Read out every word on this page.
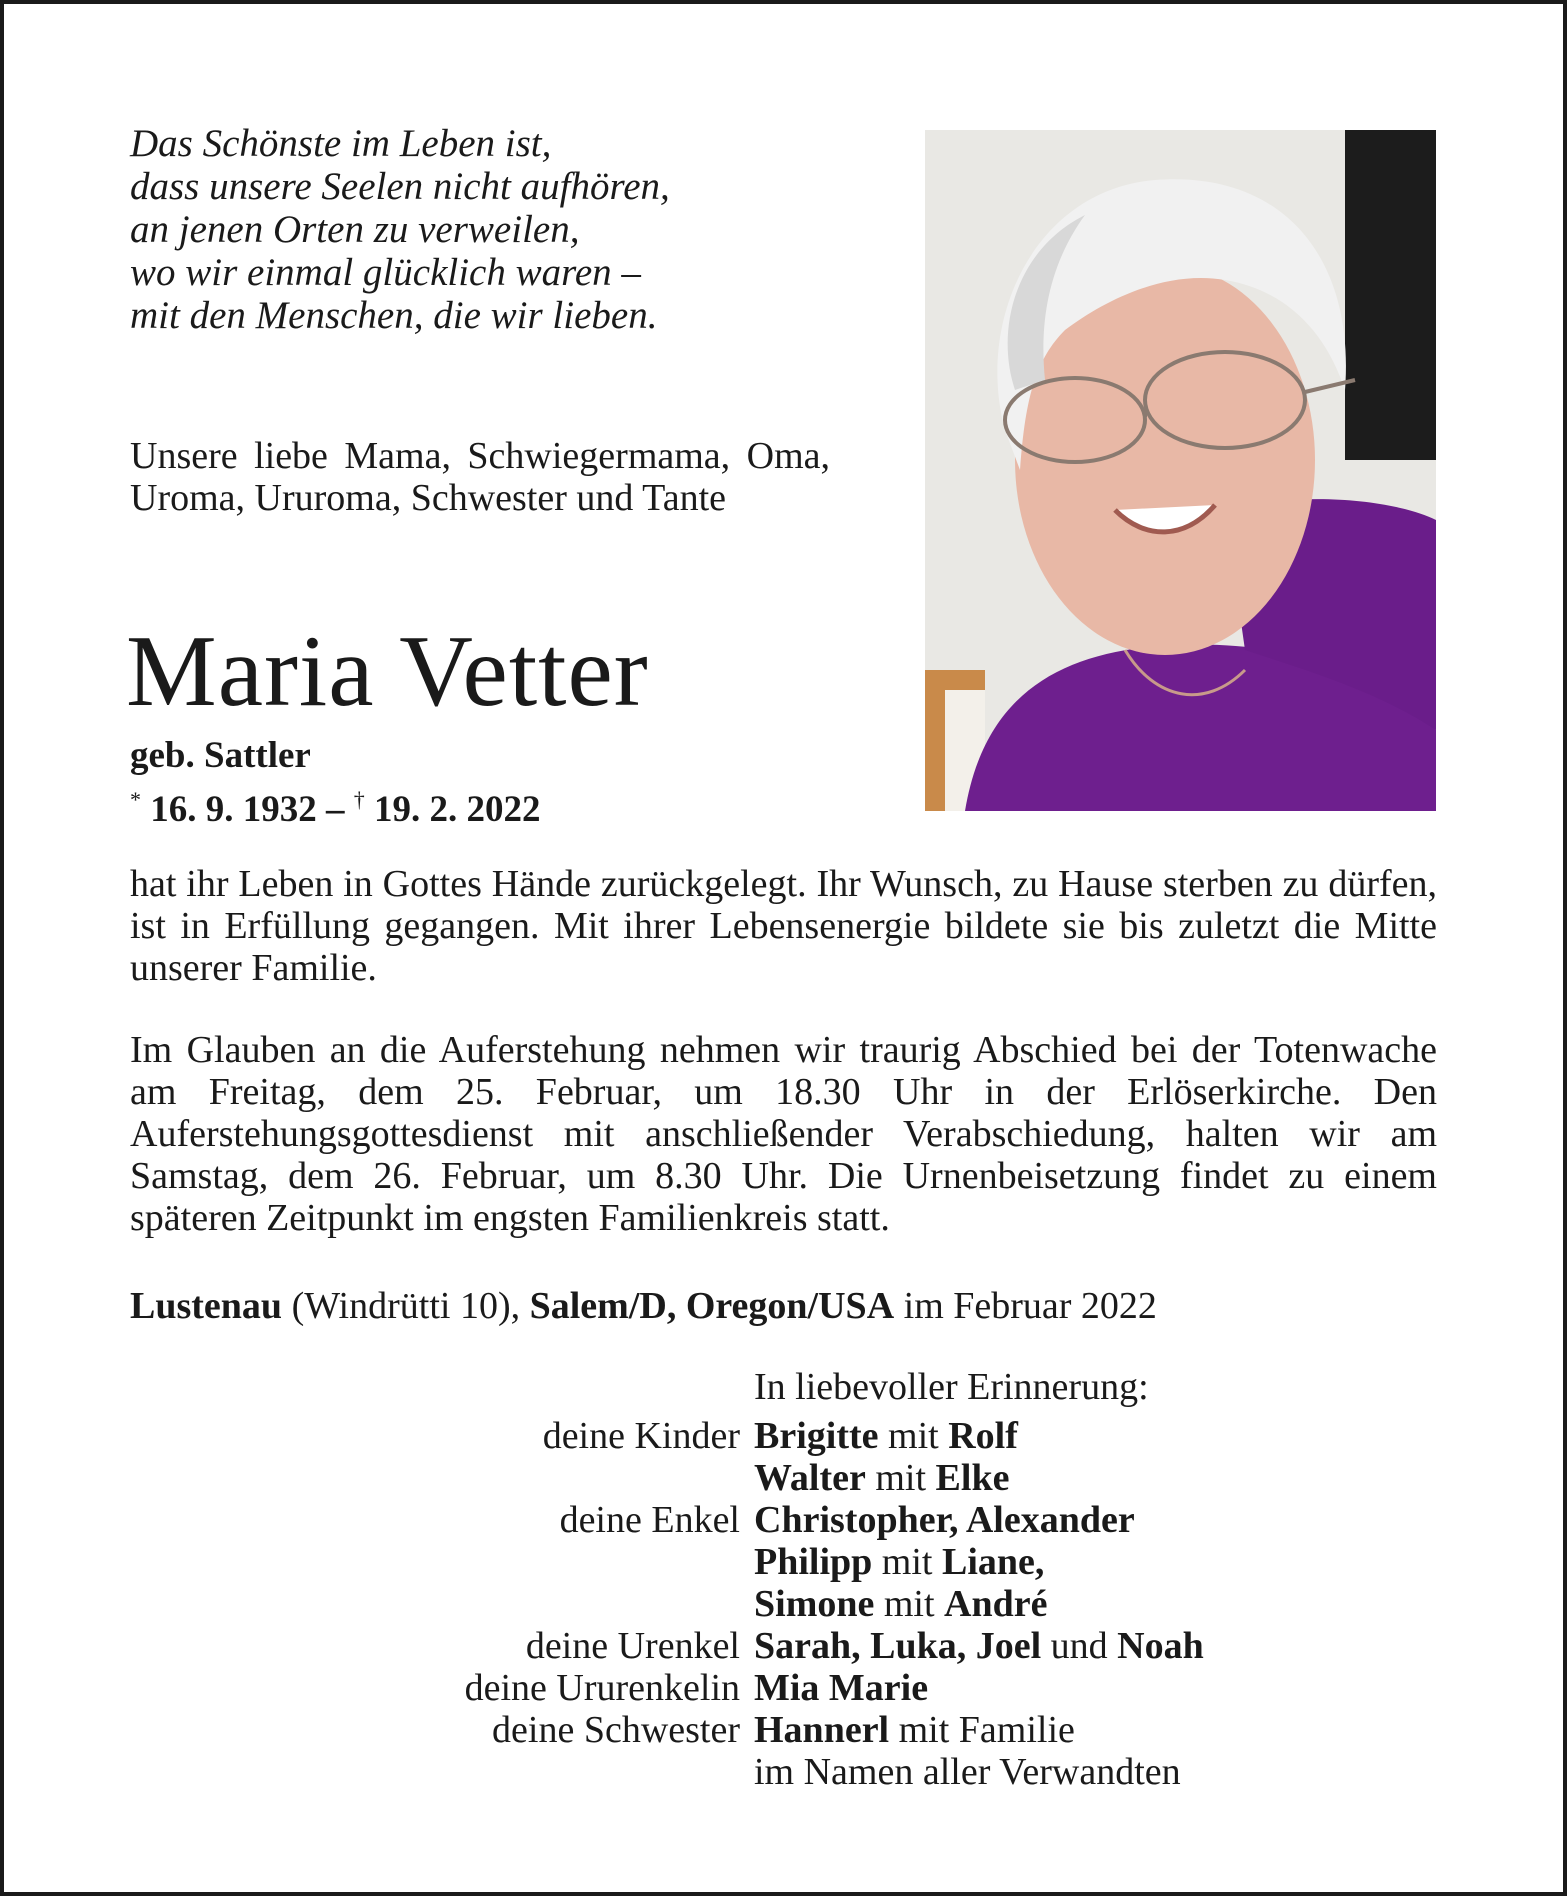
Das Schönste im Leben ist,
dass unsere Seelen nicht aufhören,
an jenen Orten zu verweilen,
wo wir einmal glücklich waren –
mit den Menschen, die wir lieben.
Unsere liebe Mama, Schwiegermama, Oma, Uroma, Ururoma, Schwester und Tante
Maria Vetter
geb. Sattler
* 16. 9. 1932 – † 19. 2. 2022
hat ihr Leben in Gottes Hände zurückgelegt. Ihr Wunsch, zu Hause sterben zu dürfen, ist in Erfüllung gegangen. Mit ihrer Lebensenergie bildete sie bis zuletzt die Mitte unserer Familie.
Im Glauben an die Auferstehung nehmen wir traurig Abschied bei der Totenwache am Freitag, dem 25. Februar, um 18.30 Uhr in der Erlöserkirche. Den Auferstehungsgottesdienst mit anschließender Verabschiedung, halten wir am Samstag, dem 26. Februar, um 8.30 Uhr. Die Urnenbeisetzung findet zu einem späteren Zeitpunkt im engsten Familienkreis statt.
Lustenau (Windrütti 10), Salem/D, Oregon/USA im Februar 2022
In liebevoller Erinnerung:
deine Kinder Brigitte mit Rolf
Walter mit Elke
deine Enkel Christopher, Alexander
Philipp mit Liane,
Simone mit André
deine Urenkel Sarah, Luka, Joel und Noah
deine Ururenkelin Mia Marie
deine Schwester Hannerl mit Familie
im Namen aller Verwandten
